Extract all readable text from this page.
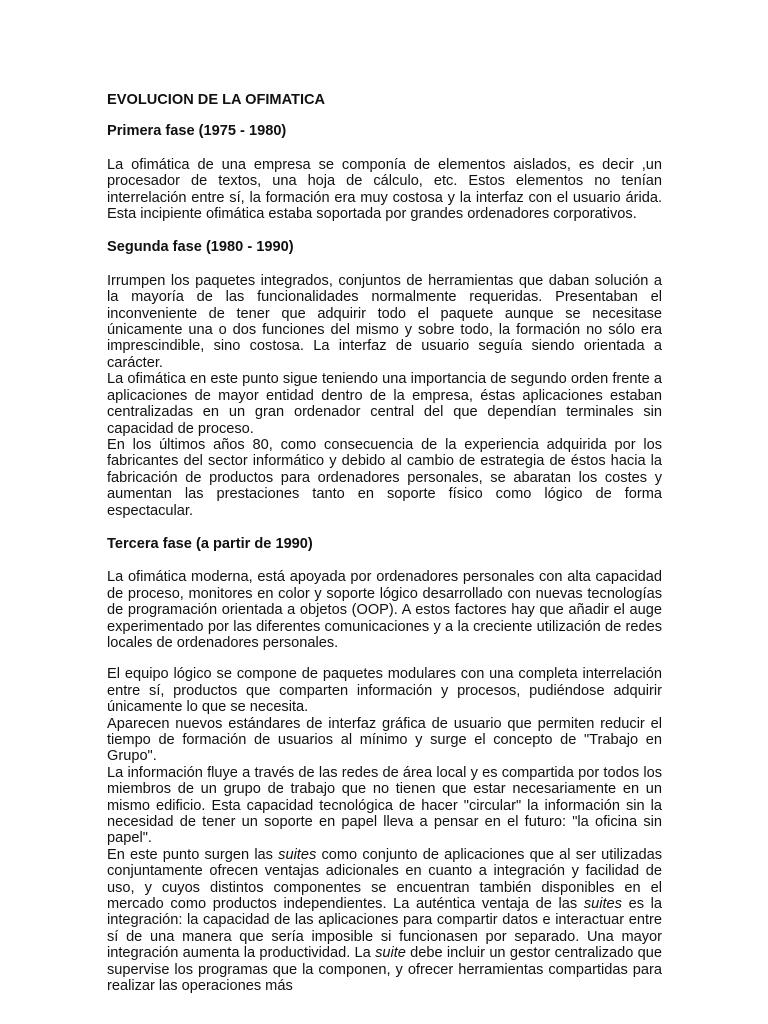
EVOLUCION DE LA OFIMATICA

Primera fase (1975 - 1980)

La ofimática de una empresa se componía de elementos aislados, es decir ,un procesador de textos, una hoja de cálculo, etc. Estos elementos no tenían interrelación entre sí, la formación era muy costosa y la interfaz con el usuario árida. Esta incipiente ofimática estaba soportada por grandes ordenadores corporativos.

Segunda fase (1980 - 1990)

Irrumpen los paquetes integrados, conjuntos de herramientas que daban solución a la mayoría de las funcionalidades normalmente requeridas. Presentaban el inconveniente de tener que adquirir todo el paquete aunque se necesitase únicamente una o dos funciones del mismo y sobre todo, la formación no sólo era imprescindible, sino costosa. La interfaz de usuario seguía siendo orientada a carácter.

La ofimática en este punto sigue teniendo una importancia de segundo orden frente a aplicaciones de mayor entidad dentro de la empresa, éstas aplicaciones estaban centralizadas en un gran ordenador central del que dependían terminales sin capacidad de proceso.

En los últimos años 80, como consecuencia de la experiencia adquirida por los fabricantes del sector informático y debido al cambio de estrategia de éstos hacia la fabricación de productos para ordenadores personales, se abaratan los costes y aumentan las prestaciones tanto en soporte físico como lógico de forma espectacular.

Tercera fase (a partir de 1990)

La ofimática moderna, está apoyada por ordenadores personales con alta capacidad de proceso, monitores en color y soporte lógico desarrollado con nuevas tecnologías de programación orientada a objetos (OOP). A estos factores hay que añadir el auge experimentado por las diferentes comunicaciones y a la creciente utilización de redes locales de ordenadores personales.

El equipo lógico se compone de paquetes modulares con una completa interrelación entre sí, productos que comparten información y procesos, pudiéndose adquirir únicamente lo que se necesita.

Aparecen nuevos estándares de interfaz gráfica de usuario que permiten reducir el tiempo de formación de usuarios al mínimo y surge el concepto de "Trabajo en Grupo".

La información fluye a través de las redes de área local y es compartida por todos los miembros de un grupo de trabajo que no tienen que estar necesariamente en un mismo edificio. Esta capacidad tecnológica de hacer "circular" la información sin la necesidad de tener un soporte en papel lleva a pensar en el futuro: "la oficina sin papel".

En este punto surgen las suites como conjunto de aplicaciones que al ser utilizadas conjuntamente ofrecen ventajas adicionales en cuanto a integración y facilidad de uso, y cuyos distintos componentes se encuentran también disponibles en el mercado como productos independientes. La auténtica ventaja de las suites es la integración: la capacidad de las aplicaciones para compartir datos e interactuar entre sí de una manera que sería imposible si funcionasen por separado. Una mayor integración aumenta la productividad. La suite debe incluir un gestor centralizado que supervise los programas que la componen, y ofrecer herramientas compartidas para realizar las operaciones más
